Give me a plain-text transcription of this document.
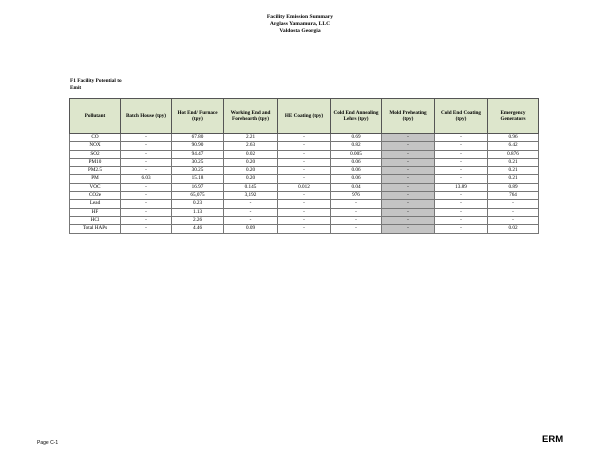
Facility Emission Summary
Arglass Yamamura, LLC
Valdosta Georgia
F1 Facility Potential to Emit
Pollutant	Batch House (tpy)	Hot End/ Furnace (tpy)	Working End and Forehearth (tpy)	HE Coating (tpy)	Cold End Annealing Lehrs (tpy)	Mold Preheating (tpy)	Cold End Coating (tpy)	Emergency Generators
CO	-	67.80	2.21	-	0.69	-	-	0.96
NOX	-	90.90	2.63	-	0.82	-	-	6.42
SO2	-	94.47	0.02	-	0.005	-	-	0.876
PM10	-	30.25	0.20	-	0.06	-	-	0.21
PM2.5	-	30.25	0.20	-	0.06	-	-	0.21
PM	6.03	15.18	0.20	-	0.06	-	-	0.21
VOC	-	16.97	0.145	0.012	0.04	-	13.89	0.89
CO2e	-	65,075	3,192	-	976	-	-	764
Lead	-	0.23	-	-	-	-	-	-
HF	-	1.13	-	-	-	-	-	-
HCl	-	2.26	-	-	-	-	-	-
Total HAPs	-	4.46	0.09	-	-	-	-	0.02
Page C-1	ERM
